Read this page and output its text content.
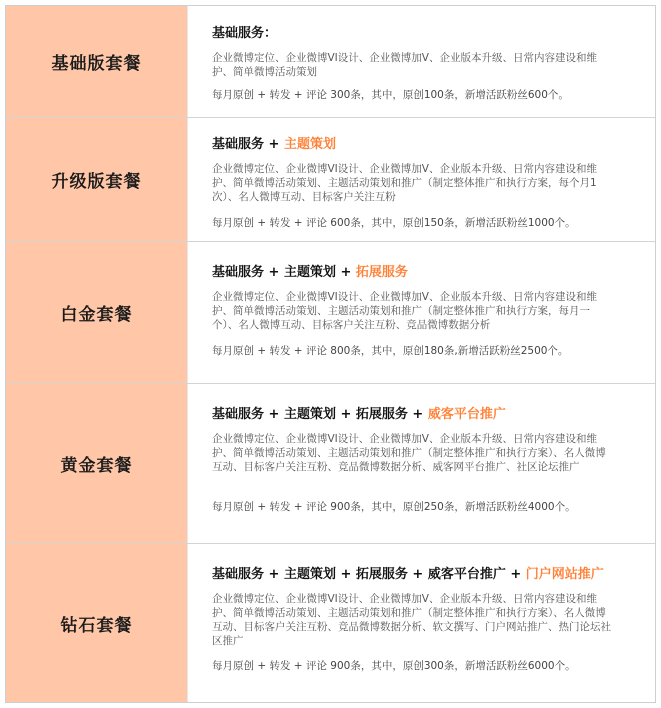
基础版套餐
基础服务：
企业微博定位、企业微博VI设计、企业微博加V、企业版本升级、日常内容建设和维护、简单微博活动策划
每月原创 + 转发 + 评论 300条，其中，原创100条，新增活跃粉丝600个。
升级版套餐
基础服务 + 主题策划
企业微博定位、企业微博VI设计、企业微博加V、企业版本升级、日常内容建设和维护、简单微博活动策划、主题活动策划和推广（制定整体推广和执行方案，每个月1次）、名人微博互动、目标客户关注互粉
每月原创 + 转发 + 评论 600条，其中，原创150条，新增活跃粉丝1000个。
白金套餐
基础服务 + 主题策划 + 拓展服务
企业微博定位、企业微博VI设计、企业微博加V、企业版本升级、日常内容建设和维护、简单微博活动策划、主题活动策划和推广（制定整体推广和执行方案，每月一个）、名人微博互动、目标客户关注互粉、竞品微博数据分析
每月原创 + 转发 + 评论 800条，其中，原创180条,新增活跃粉丝2500个。
黄金套餐
基础服务 + 主题策划 + 拓展服务 + 威客平台推广
企业微博定位、企业微博VI设计、企业微博加V、企业版本升级、日常内容建设和维护、简单微博活动策划、主题活动策划和推广（制定整体推广和执行方案）、名人微博互动、目标客户关注互粉、竞品微博数据分析、威客网平台推广、社区论坛推广
每月原创 + 转发 + 评论 900条，其中，原创250条，新增活跃粉丝4000个。
钻石套餐
基础服务 + 主题策划 + 拓展服务 + 威客平台推广 + 门户网站推广
企业微博定位、企业微博VI设计、企业微博加V、企业版本升级、日常内容建设和维护、简单微博活动策划、主题活动策划和推广（制定整体推广和执行方案）、名人微博互动、目标客户关注互粉、竞品微博数据分析、软文撰写、门户网站推广、热门论坛社区推广
每月原创 + 转发 + 评论 900条，其中，原创300条，新增活跃粉丝6000个。
